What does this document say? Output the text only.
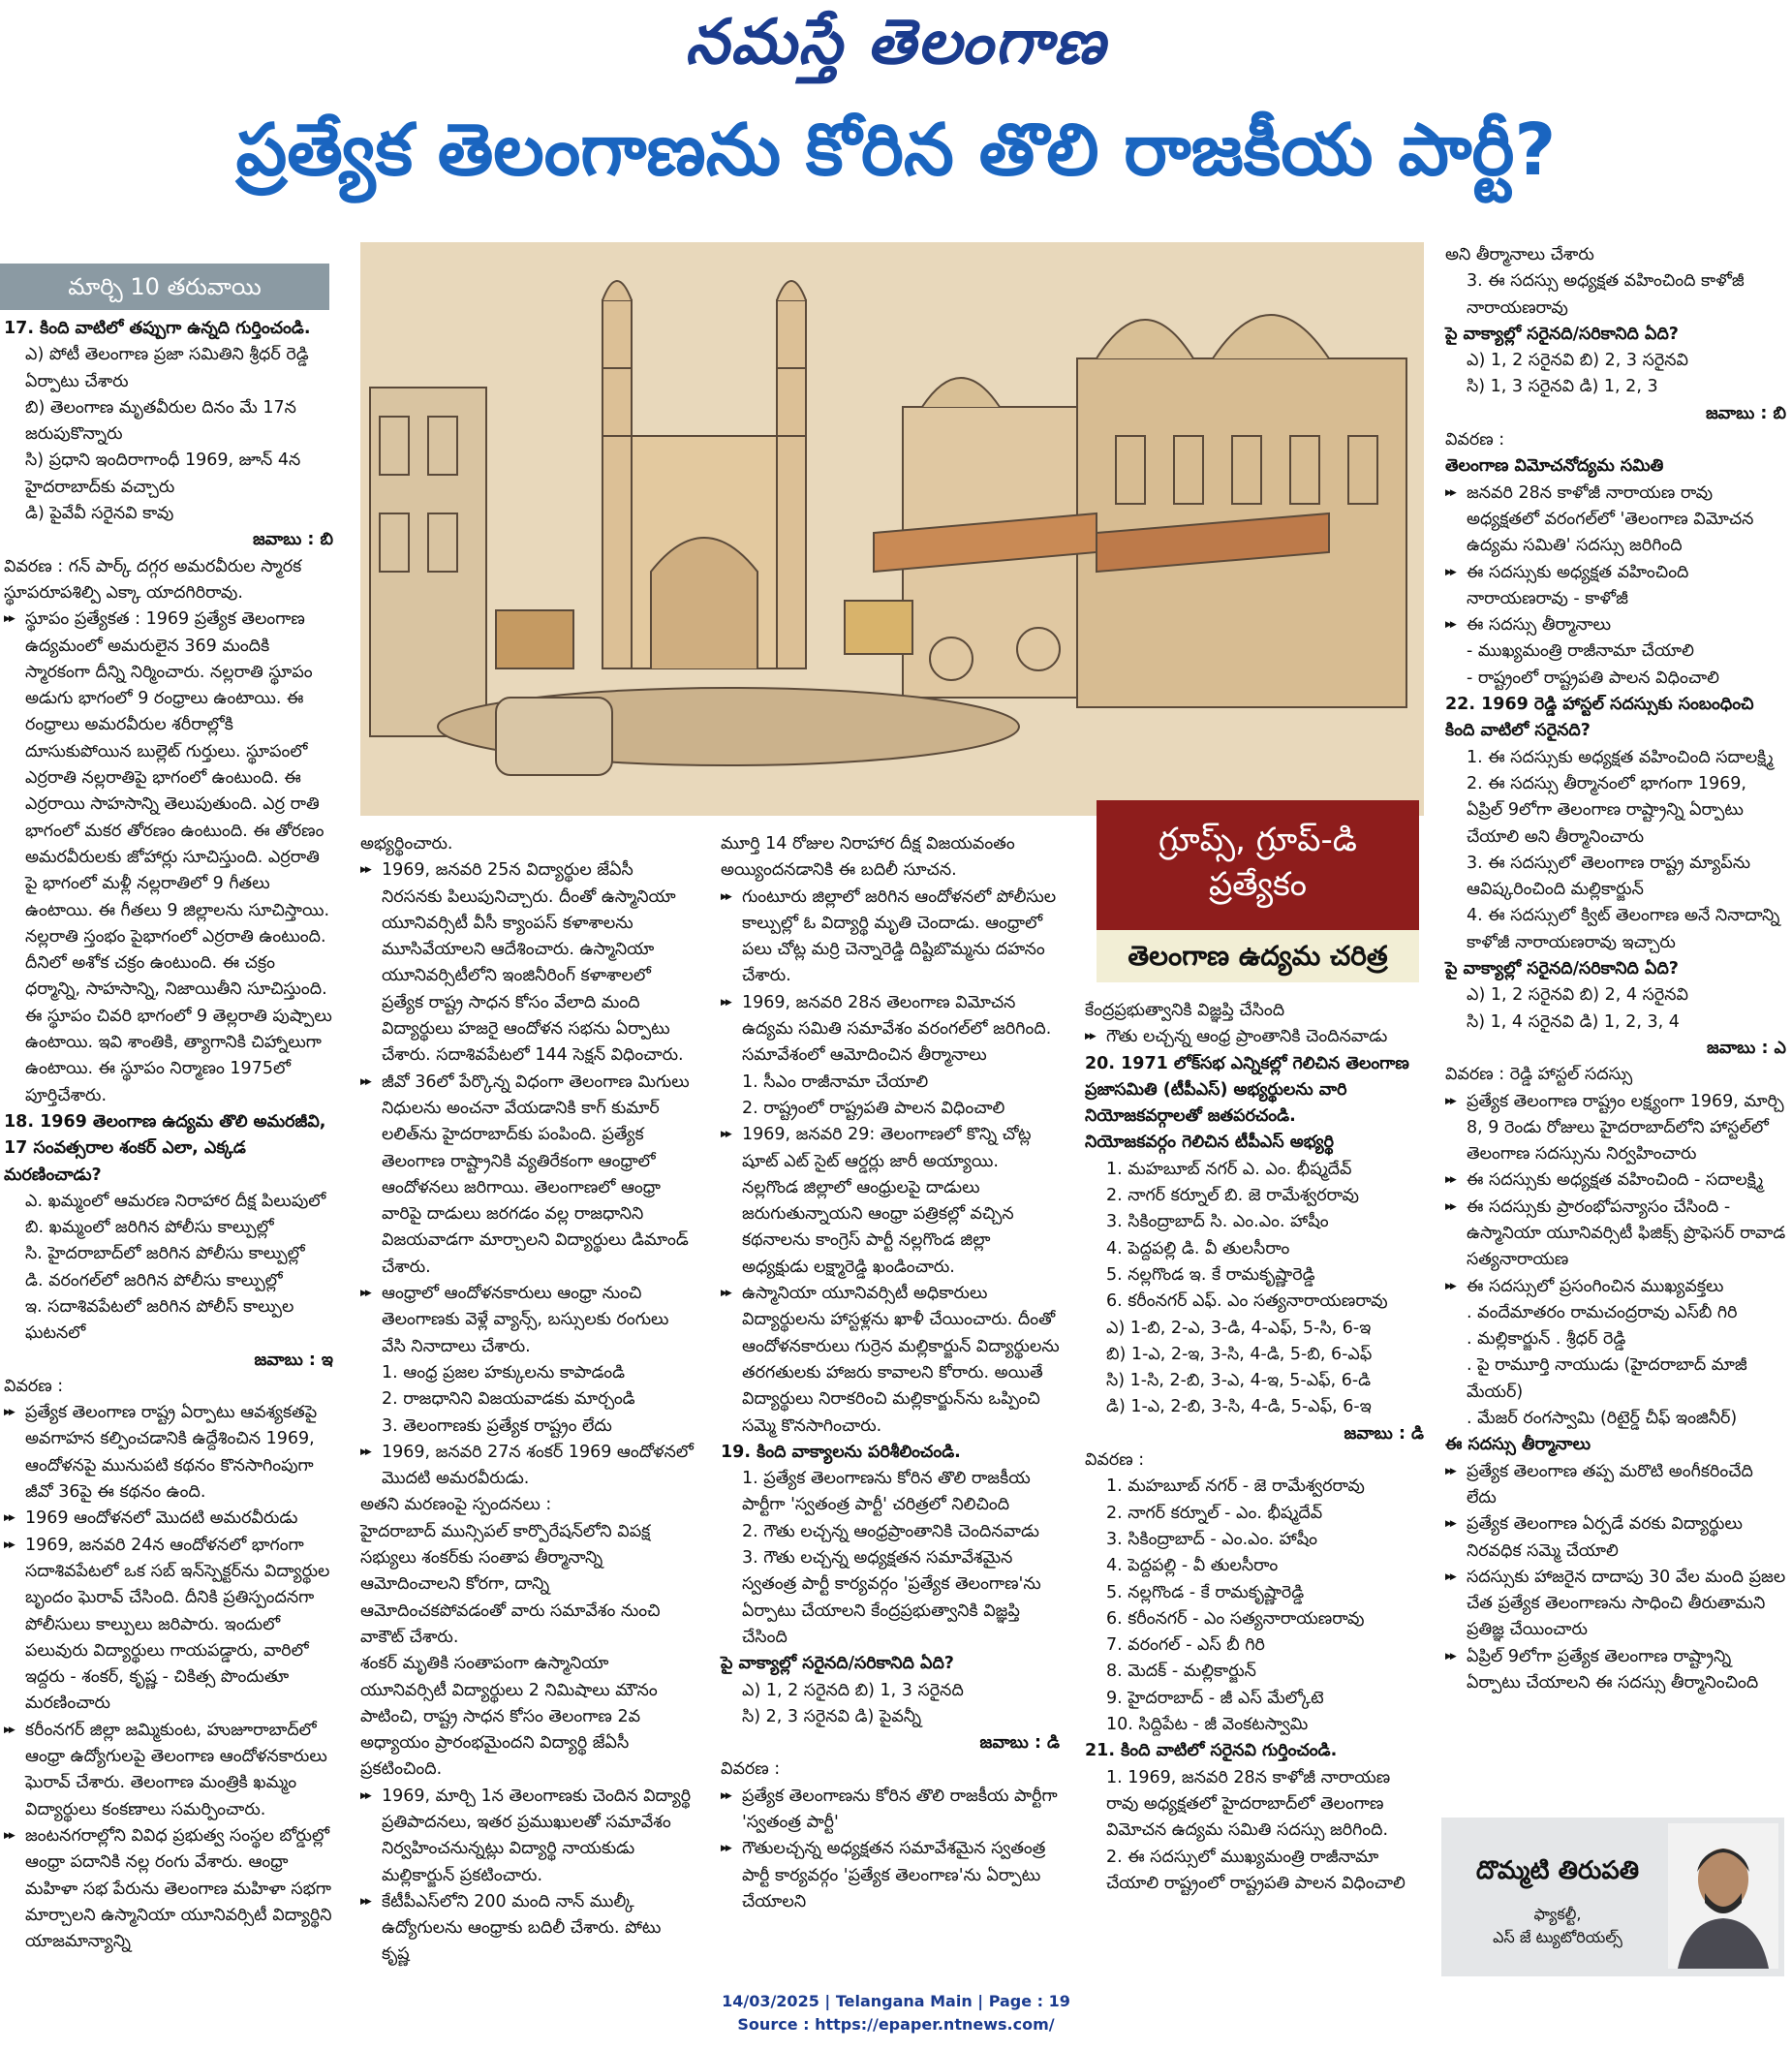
నమస్తే తెలంగాణ
ప్రత్యేక తెలంగాణను కోరిన తొలి రాజకీయ పార్టీ?
మార్చి 10 తరువాయి
గ్రూప్స్, గ్రూప్-డి
ప్రత్యేకం
తెలంగాణ ఉద్యమ చరిత్ర

17. కింది వాటిలో తప్పుగా ఉన్నది గుర్తించండి.

ఎ) పోటీ తెలంగాణ ప్రజా సమితిని శ్రీధర్ రెడ్డి ఏర్పాటు చేశారు

బి) తెలంగాణ మృతవీరుల దినం మే 17న జరుపుకొన్నారు

సి) ప్రధాని ఇందిరాగాంధీ 1969, జూన్ 4న హైదరాబాద్‌కు వచ్చారు

డి) పైవేవీ సరైనవి కావు

జవాబు : బి

వివరణ : గన్ పార్క్ దగ్గర అమరవీరుల స్మారక స్థూపరూపశిల్పి ఎక్కా యాదగిరిరావు.

▶▶ స్థూపం ప్రత్యేకత : 1969 ప్రత్యేక తెలంగాణ ఉద్యమంలో అమరులైన 369 మందికి స్మారకంగా దీన్ని నిర్మించారు. నల్లరాతి స్థూపం అడుగు భాగంలో 9 రంధ్రాలు ఉంటాయి. ఈ రంధ్రాలు అమరవీరుల శరీరాల్లోకి దూసుకుపోయిన బుల్లెట్ గుర్తులు. స్థూపంలో ఎర్రరాతి నల్లరాతిపై భాగంలో ఉంటుంది. ఈ ఎర్రరాయి సాహసాన్ని తెలుపుతుంది. ఎర్ర రాతి భాగంలో మకర తోరణం ఉంటుంది. ఈ తోరణం అమరవీరులకు జోహార్లు సూచిస్తుంది. ఎర్రరాతి పై భాగంలో మళ్లీ నల్లరాతిలో 9 గీతలు ఉంటాయి. ఈ గీతలు 9 జిల్లాలను సూచిస్తాయి. నల్లరాతి స్తంభం పైభాగంలో ఎర్రరాతి ఉంటుంది. దీనిలో అశోక చక్రం ఉంటుంది. ఈ చక్రం ధర్మాన్ని, సాహసాన్ని, నిజాయితీని సూచిస్తుంది. ఈ స్థూపం చివరి భాగంలో 9 తెల్లరాతి పుష్పాలు ఉంటాయి. ఇవి శాంతికి, త్యాగానికి చిహ్నాలుగా ఉంటాయి. ఈ స్థూపం నిర్మాణం 1975లో పూర్తిచేశారు.

18. 1969 తెలంగాణ ఉద్యమ తొలి అమరజీవి, 17 సంవత్సరాల శంకర్ ఎలా, ఎక్కడ మరణించాడు?

ఎ. ఖమ్మంలో ఆమరణ నిరాహార దీక్ష పిలుపులో

బి. ఖమ్మంలో జరిగిన పోలీసు కాల్పుల్లో

సి. హైదరాబాద్‌లో జరిగిన పోలీసు కాల్పుల్లో

డి. వరంగల్‌లో జరిగిన పోలీసు కాల్పుల్లో

ఇ. సదాశివపేటలో జరిగిన పోలీస్ కాల్పుల ఘటనలో

జవాబు : ఇ

వివరణ :

▶▶ ప్రత్యేక తెలంగాణ రాష్ట్ర ఏర్పాటు ఆవశ్యకతపై అవగాహన కల్పించడానికి ఉద్దేశించిన 1969, ఆందోళనపై మునుపటి కథనం కొనసాగింపుగా జీవో 36పై ఈ కథనం ఉంది.

▶▶ 1969 ఆందోళనలో మొదటి అమరవీరుడు

▶▶ 1969, జనవరి 24న ఆందోళనలో భాగంగా సదాశివపేటలో ఒక సబ్ ఇన్‌స్పెక్టర్‌ను విద్యార్థుల బృందం ఘెరావ్ చేసింది. దీనికి ప్రతిస్పందనగా పోలీసులు కాల్పులు జరిపారు. ఇందులో పలువురు విద్యార్థులు గాయపడ్డారు, వారిలో ఇద్దరు - శంకర్, కృష్ణ - చికిత్స పొందుతూ మరణించారు

▶▶ కరీంనగర్ జిల్లా జమ్మికుంట, హుజూరాబాద్‌లో ఆంధ్రా ఉద్యోగులపై తెలంగాణ ఆందోళనకారులు ఘెరావ్ చేశారు. తెలంగాణ మంత్రికి ఖమ్మం విద్యార్థులు కంకణాలు సమర్పించారు.

▶▶ జంటనగరాల్లోని వివిధ ప్రభుత్వ సంస్థల బోర్డుల్లో ఆంధ్రా పదానికి నల్ల రంగు వేశారు. ఆంధ్రా మహిళా సభ పేరును తెలంగాణ మహిళా సభగా మార్చాలని ఉస్మానియా యూనివర్సిటీ విద్యార్థిని యాజమాన్యాన్ని

అభ్యర్థించారు.

▶▶ 1969, జనవరి 25న విద్యార్థుల జేఏసీ నిరసనకు పిలుపునిచ్చారు. దీంతో ఉస్మానియా యూనివర్సిటీ వీసీ క్యాంపస్ కళాశాలను మూసివేయాలని ఆదేశించారు. ఉస్మానియా యూనివర్సిటీలోని ఇంజినీరింగ్ కళాశాలలో ప్రత్యేక రాష్ట్ర సాధన కోసం వేలాది మంది విద్యార్థులు హజరై ఆందోళన సభను ఏర్పాటు చేశారు. సదాశివపేటలో 144 సెక్షన్ విధించారు.

▶▶ జీవో 36లో పేర్కొన్న విధంగా తెలంగాణ మిగులు నిధులను అంచనా వేయడానికి కాగ్ కుమార్ లలిత్‌ను హైదరాబాద్‌కు పంపింది. ప్రత్యేక తెలంగాణ రాష్ట్రానికి వ్యతిరేకంగా ఆంధ్రాలో ఆందోళనలు జరిగాయి. తెలంగాణలో ఆంధ్రా వారిపై దాడులు జరగడం వల్ల రాజధానిని విజయవాడగా మార్చాలని విద్యార్థులు డిమాండ్ చేశారు.

▶▶ ఆంధ్రాలో ఆందోళనకారులు ఆంధ్రా నుంచి తెలంగాణకు వెళ్లే వ్యాన్స్, బస్సులకు రంగులు వేసి నినాదాలు చేశారు.

1. ఆంధ్ర ప్రజల హక్కులను కాపాడండి

2. రాజధానిని విజయవాడకు మార్చండి

3. తెలంగాణకు ప్రత్యేక రాష్ట్రం లేదు

▶▶ 1969, జనవరి 27న శంకర్ 1969 ఆందోళనలో మొదటి అమరవీరుడు.

అతని మరణంపై స్పందనలు :

హైదరాబాద్ మున్సిపల్ కార్పొరేషన్‌లోని విపక్ష సభ్యులు శంకర్‌కు సంతాప తీర్మానాన్ని ఆమోదించాలని కోరగా, దాన్ని ఆమోదించకపోవడంతో వారు సమావేశం నుంచి వాకౌట్ చేశారు.

శంకర్ మృతికి సంతాపంగా ఉస్మానియా యూనివర్సిటీ విద్యార్థులు 2 నిమిషాలు మౌనం పాటించి, రాష్ట్ర సాధన కోసం తెలంగాణ 2వ అధ్యాయం ప్రారంభమైందని విద్యార్థి జేఏసీ ప్రకటించింది.

▶▶ 1969, మార్చి 1న తెలంగాణకు చెందిన విద్యార్థి ప్రతిపాదనలు, ఇతర ప్రముఖులతో సమావేశం నిర్వహించనున్నట్లు విద్యార్థి నాయకుడు మల్లికార్జున్ ప్రకటించారు.

▶▶ కేటీపీఎస్‌లోని 200 మంది నాన్ ముల్కీ ఉద్యోగులను ఆంధ్రాకు బదిలీ చేశారు. పోటు కృష్ణ

మూర్తి 14 రోజుల నిరాహార దీక్ష విజయవంతం అయ్యిందనడానికి ఈ బదిలీ సూచన.

▶▶ గుంటూరు జిల్లాలో జరిగిన ఆందోళనలో పోలీసుల కాల్పుల్లో ఓ విద్యార్థి మృతి చెందాడు. ఆంధ్రాలో పలు చోట్ల మర్రి చెన్నారెడ్డి దిష్టిబొమ్మను దహనం చేశారు.

▶▶ 1969, జనవరి 28న తెలంగాణ విమోచన ఉద్యమ సమితి సమావేశం వరంగల్‌లో జరిగింది. సమావేశంలో ఆమోదించిన తీర్మానాలు

1. సీఎం రాజీనామా చేయాలి

2. రాష్ట్రంలో రాష్ట్రపతి పాలన విధించాలి

▶▶ 1969, జనవరి 29: తెలంగాణలో కొన్ని చోట్ల షూట్ ఎట్ సైట్ ఆర్డర్లు జారీ అయ్యాయి. నల్లగొండ జిల్లాలో ఆంధ్రులపై దాడులు జరుగుతున్నాయని ఆంధ్రా పత్రికల్లో వచ్చిన కథనాలను కాంగ్రెస్ పార్టీ నల్లగొండ జిల్లా అధ్యక్షుడు లక్ష్మారెడ్డి ఖండించారు.

▶▶ ఉస్మానియా యూనివర్సిటీ అధికారులు విద్యార్థులను హాస్టళ్లను ఖాళీ చేయించారు. దీంతో ఆందోళనకారులు గుర్రెన మల్లికార్జున్ విద్యార్థులను తరగతులకు హాజరు కావాలని కోరారు. అయితే విద్యార్థులు నిరాకరించి మల్లికార్జున్‌ను ఒప్పించి సమ్మె కొనసాగించారు.

19. కింది వాక్యాలను పరిశీలించండి.

1. ప్రత్యేక తెలంగాణను కోరిన తొలి రాజకీయ పార్టీగా 'స్వతంత్ర పార్టీ' చరిత్రలో నిలిచింది

2. గౌతు లచ్చన్న ఆంధ్రప్రాంతానికి చెందినవాడు

3. గౌతు లచ్చన్న అధ్యక్షతన సమావేశమైన స్వతంత్ర పార్టీ కార్యవర్గం 'ప్రత్యేక తెలంగాణ'ను ఏర్పాటు చేయాలని కేంద్రప్రభుత్వానికి విజ్ఞప్తి చేసింది

పై వాక్యాల్లో సరైనది/సరికానిది ఏది?

ఎ) 1, 2 సరైనది బి) 1, 3 సరైనది

సి) 2, 3 సరైనవి డి) పైవన్నీ

జవాబు : డి

వివరణ :

▶▶ ప్రత్యేక తెలంగాణను కోరిన తొలి రాజకీయ పార్టీగా 'స్వతంత్ర పార్టీ'

▶▶ గౌతులచ్చన్న అధ్యక్షతన సమావేశమైన స్వతంత్ర పార్టీ కార్యవర్గం 'ప్రత్యేక తెలంగాణ'ను ఏర్పాటు చేయాలని

కేంద్రప్రభుత్వానికి విజ్ఞప్తి చేసింది

▶▶ గౌతు లచ్చన్న ఆంధ్ర ప్రాంతానికి చెందినవాడు

20. 1971 లోక్‌సభ ఎన్నికల్లో గెలిచిన తెలంగాణ ప్రజాసమితి (టీపీఎస్) అభ్యర్థులను వారి నియోజకవర్గాలతో జతపరచండి.

నియోజకవర్గం గెలిచిన టీపీఎస్ అభ్యర్థి

1. మహబూబ్ నగర్ ఎ. ఎం. భీష్మదేవ్

2. నాగర్ కర్నూల్ బి. జె రామేశ్వరరావు

3. సికింద్రాబాద్ సి. ఎం.ఎం. హాషీం

4. పెద్దపల్లి డి. వీ తులసీరాం

5. నల్లగొండ ఇ. కే రామకృష్ణారెడ్డి

6. కరీంనగర్ ఎఫ్. ఎం సత్యనారాయణరావు

ఎ) 1-బి, 2-ఎ, 3-డి, 4-ఎఫ్, 5-సి, 6-ఇ

బి) 1-ఎ, 2-ఇ, 3-సి, 4-డి, 5-బి, 6-ఎఫ్

సి) 1-సి, 2-బి, 3-ఎ, 4-ఇ, 5-ఎఫ్, 6-డి

డి) 1-ఎ, 2-బి, 3-సి, 4-డి, 5-ఎఫ్, 6-ఇ

జవాబు : డి

వివరణ :

1. మహబూబ్ నగర్ - జె రామేశ్వరరావు

2. నాగర్ కర్నూల్ - ఎం. భీష్మదేవ్

3. సికింద్రాబాద్ - ఎం.ఎం. హాషీం

4. పెద్దపల్లి - వీ తులసీరాం

5. నల్లగొండ - కే రామకృష్ణారెడ్డి

6. కరీంనగర్ - ఎం సత్యనారాయణరావు

7. వరంగల్ - ఎస్ బీ గిరి

8. మెదక్ - మల్లికార్జున్

9. హైదరాబాద్ - జీ ఎస్ మేల్కోటె

10. సిద్దిపేట - జీ వెంకటస్వామి

21. కింది వాటిలో సరైనవి గుర్తించండి.

1. 1969, జనవరి 28న కాళోజీ నారాయణ రావు అధ్యక్షతలో హైదరాబాద్‌లో తెలంగాణ విమోచన ఉద్యమ సమితి సదస్సు జరిగింది.

2. ఈ సదస్సులో ముఖ్యమంత్రి రాజీనామా చేయాలి రాష్ట్రంలో రాష్ట్రపతి పాలన విధించాలి

అని తీర్మానాలు చేశారు

3. ఈ సదస్సు అధ్యక్షత వహించింది కాళోజీ నారాయణరావు

పై వాక్యాల్లో సరైనది/సరికానిది ఏది?

ఎ) 1, 2 సరైనవి బి) 2, 3 సరైనవి

సి) 1, 3 సరైనవి డి) 1, 2, 3

జవాబు : బి

వివరణ :

తెలంగాణ విమోచనోద్యమ సమితి

▶▶ జనవరి 28న కాళోజీ నారాయణ రావు అధ్యక్షతలో వరంగల్‌లో 'తెలంగాణ విమోచన ఉద్యమ సమితి' సదస్సు జరిగింది

▶▶ ఈ సదస్సుకు అధ్యక్షత వహించింది నారాయణరావు - కాళోజీ

▶▶ ఈ సదస్సు తీర్మానాలు

- ముఖ్యమంత్రి రాజీనామా చేయాలి

- రాష్ట్రంలో రాష్ట్రపతి పాలన విధించాలి

22. 1969 రెడ్డి హాస్టల్ సదస్సుకు సంబంధించి కింది వాటిలో సరైనది?

1. ఈ సదస్సుకు అధ్యక్షత వహించింది సదాలక్ష్మి

2. ఈ సదస్సు తీర్మానంలో భాగంగా 1969, ఏప్రిల్ 9లోగా తెలంగాణ రాష్ట్రాన్ని ఏర్పాటు చేయాలి అని తీర్మానించారు

3. ఈ సదస్సులో తెలంగాణ రాష్ట్ర మ్యాప్‌ను ఆవిష్కరించింది మల్లికార్జున్

4. ఈ సదస్సులో క్విట్ తెలంగాణ అనే నినాదాన్ని కాళోజీ నారాయణరావు ఇచ్చారు

పై వాక్యాల్లో సరైనది/సరికానిది ఏది?

ఎ) 1, 2 సరైనవి బి) 2, 4 సరైనవి

సి) 1, 4 సరైనవి డి) 1, 2, 3, 4

జవాబు : ఎ

వివరణ : రెడ్డి హాస్టల్ సదస్సు

▶▶ ప్రత్యేక తెలంగాణ రాష్ట్రం లక్ష్యంగా 1969, మార్చి 8, 9 రెండు రోజులు హైదరాబాద్‌లోని హాస్టల్‌లో తెలంగాణ సదస్సును నిర్వహించారు

▶▶ ఈ సదస్సుకు అధ్యక్షత వహించింది - సదాలక్ష్మి

▶▶ ఈ సదస్సుకు ప్రారంభోపన్యాసం చేసింది - ఉస్మానియా యూనివర్సిటీ ఫిజిక్స్ ప్రొఫెసర్ రావాడ సత్యనారాయణ

▶▶ ఈ సదస్సులో ప్రసంగించిన ముఖ్యవక్తలు

. వందేమాతరం రామచంద్రరావు ఎస్‌బీ గిరి

. మల్లికార్జున్ . శ్రీధర్ రెడ్డి

. పై రామూర్తి నాయుడు (హైదరాబాద్ మాజీ మేయర్)

. మేజర్ రంగస్వామి (రిటైర్డ్ చీఫ్ ఇంజినీర్)

ఈ సదస్సు తీర్మానాలు

▶▶ ప్రత్యేక తెలంగాణ తప్ప మరొటి అంగీకరించేది లేదు

▶▶ ప్రత్యేక తెలంగాణ ఏర్పడే వరకు విద్యార్థులు నిరవధిక సమ్మె చేయాలి

▶▶ సదస్సుకు హాజరైన దాదాపు 30 వేల మంది ప్రజల చేత ప్రత్యేక తెలంగాణను సాధించి తీరుతామని ప్రతిజ్ఞ చేయించారు

▶▶ ఏప్రిల్ 9లోగా ప్రత్యేక తెలంగాణ రాష్ట్రాన్ని ఏర్పాటు చేయాలని ఈ సదస్సు తీర్మానించింది

దొమ్మటి తిరుపతి
ఫ్యాకల్టీ,
ఎస్ జే ట్యుటోరియల్స్
14/03/2025 | Telangana Main | Page : 19
Source : https://epaper.ntnews.com/
